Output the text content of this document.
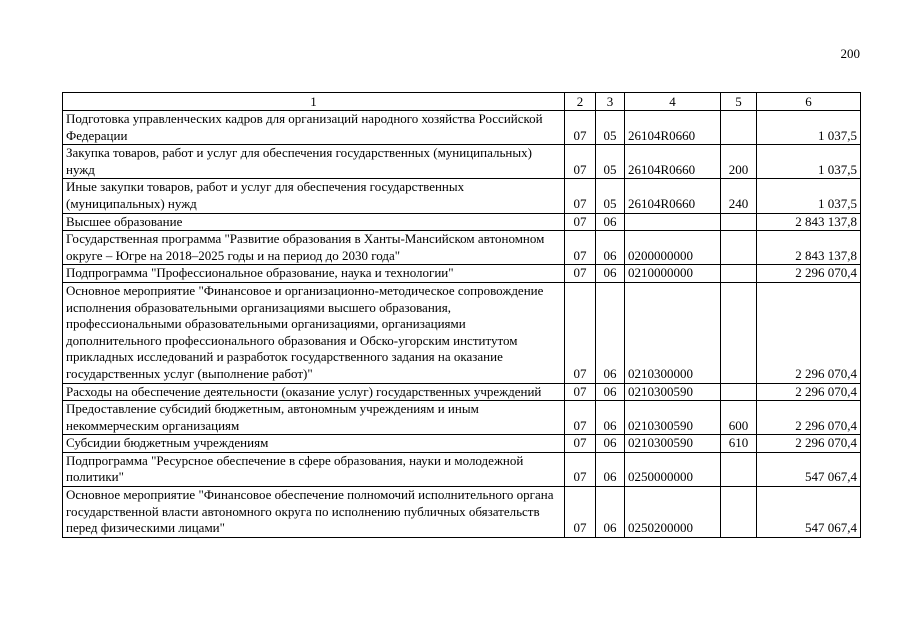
200
1	2	3	4	5	6
Подготовка управленческих кадров для организаций народного хозяйства Российской Федерации	07	05	26104R0660		1 037,5
Закупка товаров, работ и услуг для обеспечения государственных (муниципальных) нужд	07	05	26104R0660	200	1 037,5
Иные закупки товаров, работ и услуг для обеспечения государственных (муниципальных) нужд	07	05	26104R0660	240	1 037,5
Высшее образование	07	06			2 843 137,8
Государственная программа "Развитие образования в Ханты-Мансийском автономном округе – Югре на 2018–2025 годы и на период до 2030 года"	07	06	0200000000		2 843 137,8
Подпрограмма "Профессиональное образование, наука и технологии"	07	06	0210000000		2 296 070,4
Основное мероприятие "Финансовое и организационно-методическое сопровождение исполнения образовательными организациями высшего образования, профессиональными образовательными организациями, организациями дополнительного профессионального образования и Обско-угорским институтом прикладных исследований и разработок государственного задания на оказание государственных услуг (выполнение работ)"	07	06	0210300000		2 296 070,4
Расходы на обеспечение деятельности (оказание услуг) государственных учреждений	07	06	0210300590		2 296 070,4
Предоставление субсидий бюджетным, автономным учреждениям и иным некоммерческим организациям	07	06	0210300590	600	2 296 070,4
Субсидии бюджетным учреждениям	07	06	0210300590	610	2 296 070,4
Подпрограмма "Ресурсное обеспечение в сфере образования, науки и молодежной политики"	07	06	0250000000		547 067,4
Основное мероприятие "Финансовое обеспечение полномочий исполнительного органа государственной власти автономного округа по исполнению публичных обязательств перед физическими лицами"	07	06	0250200000		547 067,4
